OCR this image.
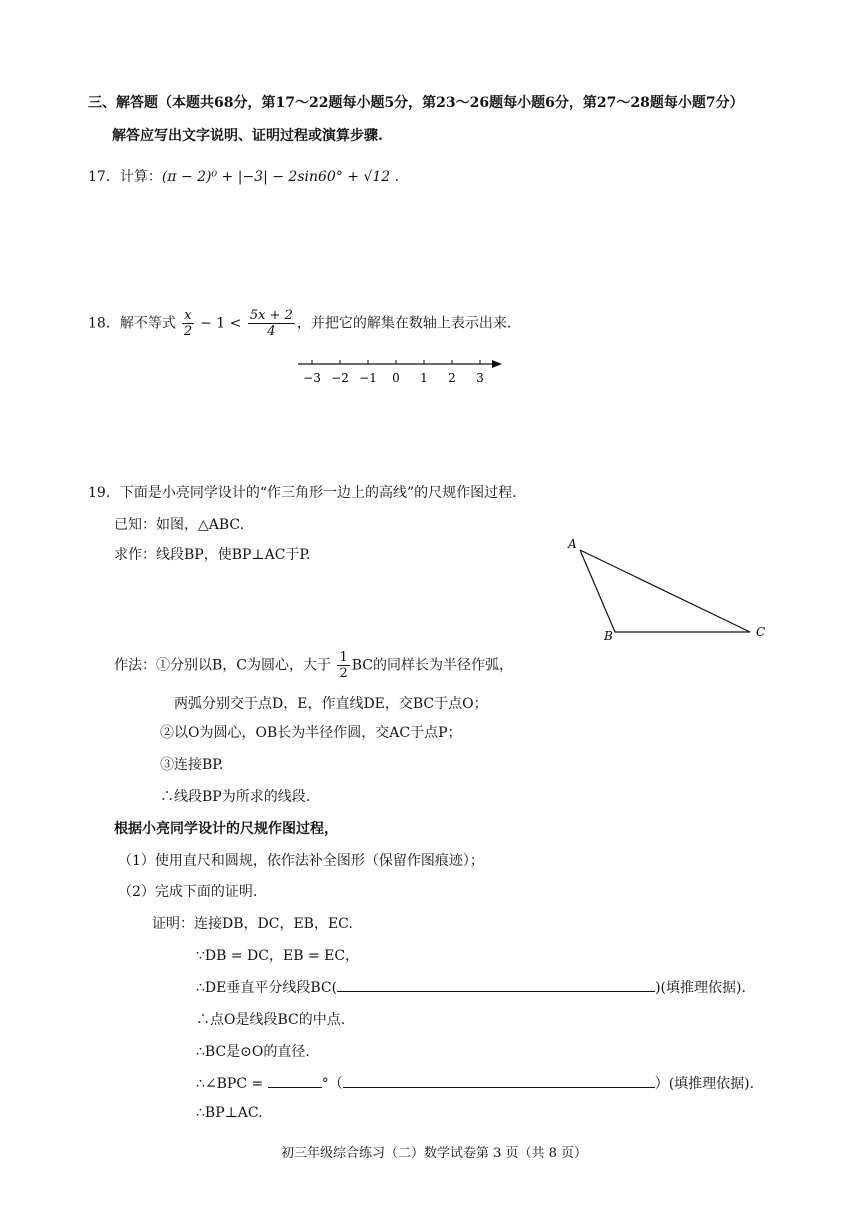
三、解答题（本题共68分，第17～22题每小题5分，第23～26题每小题6分，第27～28题每小题7分）
解答应写出文字说明、证明过程或演算步骤.
17．计算：(π − 2)⁰ + |−3| − 2sin60° + √12 .
18．解不等式 $\frac{x}{2} - 1 < \frac{5x + 2}{4}$ ，并把它的解集在数轴上表示出来.
−3 −2 −1 0 1 2 3
19．下面是小亮同学设计的“作三角形一边上的高线”的尺规作图过程.
已知：如图，△ABC.
求作：线段BP，使BP⊥AC于P.
A
B	C
作法：①分别以B，C为圆心，大于 $\frac{1}{2}$ BC的同样长为半径作弧，
两弧分别交于点D，E，作直线DE，交BC于点O；
②以O为圆心，OB长为半径作圆，交AC于点P；
③连接BP.
∴线段BP为所求的线段.
根据小亮同学设计的尺规作图过程，
（1）使用直尺和圆规，依作法补全图形（保留作图痕迹）；
（2）完成下面的证明.
证明：连接DB，DC，EB，EC.
∵DB = DC，EB = EC，
∴DE垂直平分线段BC(	)(填推理依据).
∴点O是线段BC的中点.
∴BC是⊙O的直径.
∴∠BPC =	°（	）(填推理依据).
∴BP⊥AC.
初三年级综合练习（二）数学试卷第 3 页（共 8 页）
